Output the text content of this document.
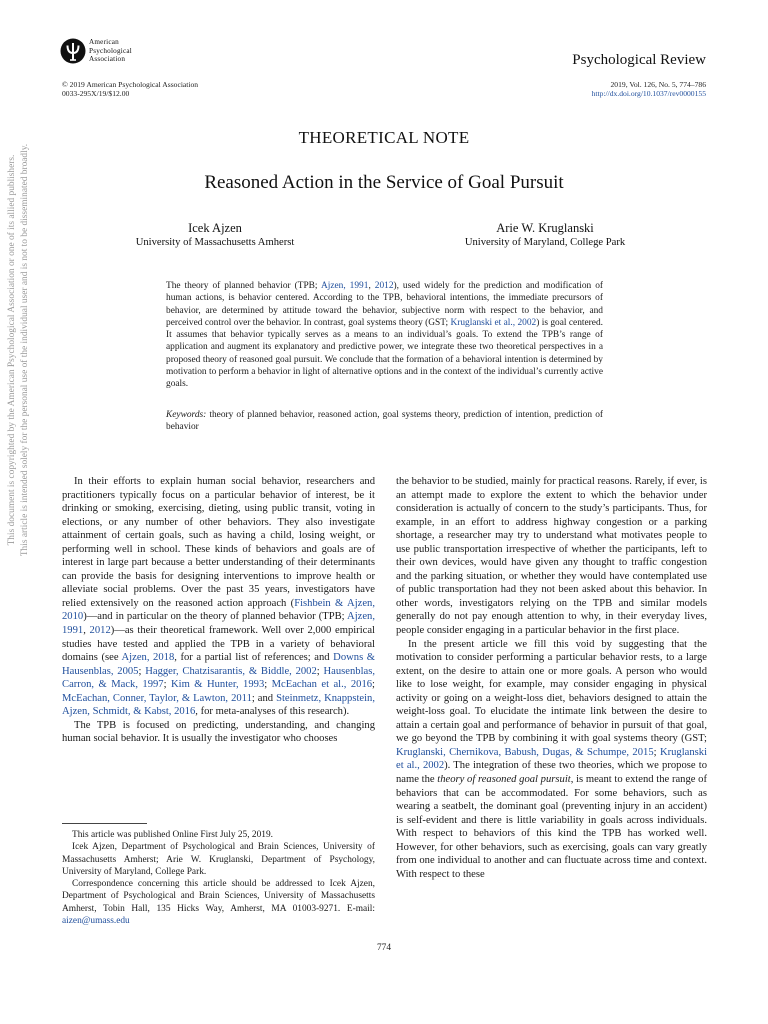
American
Psychological
Association	Psychological Review
© 2019 American Psychological Association
0033-295X/19/$12.00
2019, Vol. 126, No. 5, 774–786
http://dx.doi.org/10.1037/rev0000155
THEORETICAL NOTE
Reasoned Action in the Service of Goal Pursuit
Icek Ajzen
University of Massachusetts Amherst
Arie W. Kruglanski
University of Maryland, College Park
The theory of planned behavior (TPB; Ajzen, 1991, 2012), used widely for the prediction and modification of human actions, is behavior centered. According to the TPB, behavioral intentions, the immediate precursors of behavior, are determined by attitude toward the behavior, subjective norm with respect to the behavior, and perceived control over the behavior. In contrast, goal systems theory (GST; Kruglanski et al., 2002) is goal centered. It assumes that behavior typically serves as a means to an individual’s goals. To extend the TPB’s range of application and augment its explanatory and predictive power, we integrate these two theoretical perspectives in a proposed theory of reasoned goal pursuit. We conclude that the formation of a behavioral intention is determined by motivation to perform a behavior in light of alternative options and in the context of the individual’s currently active goals.
Keywords: theory of planned behavior, reasoned action, goal systems theory, prediction of intention, prediction of behavior

In their efforts to explain human social behavior, researchers and practitioners typically focus on a particular behavior of interest, be it drinking or smoking, exercising, dieting, using public transit, voting in elections, or any number of other behaviors. They also investigate attainment of certain goals, such as having a child, losing weight, or performing well in school. These kinds of behaviors and goals are of interest in large part because a better understanding of their determinants can provide the basis for designing interventions to improve health or alleviate social problems. Over the past 35 years, investigators have relied extensively on the reasoned action approach (Fishbein & Ajzen, 2010)—and in particular on the theory of planned behavior (TPB; Ajzen, 1991, 2012)—as their theoretical framework. Well over 2,000 empirical studies have tested and applied the TPB in a variety of behavioral domains (see Ajzen, 2018, for a partial list of references; and Downs & Hausenblas, 2005; Hagger, Chatzisarantis, & Biddle, 2002; Hausenblas, Carron, & Mack, 1997; Kim & Hunter, 1993; McEachan et al., 2016; McEachan, Conner, Taylor, & Lawton, 2011; and Steinmetz, Knappstein, Ajzen, Schmidt, & Kabst, 2016, for meta-analyses of this research).

The TPB is focused on predicting, understanding, and changing human social behavior. It is usually the investigator who chooses

the behavior to be studied, mainly for practical reasons. Rarely, if ever, is an attempt made to explore the extent to which the behavior under consideration is actually of concern to the study’s participants. Thus, for example, in an effort to address highway congestion or a parking shortage, a researcher may try to understand what motivates people to use public transportation irrespective of whether the participants, left to their own devices, would have given any thought to traffic congestion and the parking situation, or whether they would have contemplated use of public transportation had they not been asked about this behavior. In other words, investigators relying on the TPB and similar models generally do not pay enough attention to why, in their everyday lives, people consider engaging in a particular behavior in the first place.

In the present article we fill this void by suggesting that the motivation to consider performing a particular behavior rests, to a large extent, on the desire to attain one or more goals. A person who would like to lose weight, for example, may consider engaging in physical activity or going on a weight-loss diet, behaviors designed to attain the weight-loss goal. To elucidate the intimate link between the desire to attain a certain goal and performance of behavior in pursuit of that goal, we go beyond the TPB by combining it with goal systems theory (GST; Kruglanski, Chernikova, Babush, Dugas, & Schumpe, 2015; Kruglanski et al., 2002). The integration of these two theories, which we propose to name the theory of reasoned goal pursuit, is meant to extend the range of behaviors that can be accommodated. For some behaviors, such as wearing a seatbelt, the dominant goal (preventing injury in an accident) is self-evident and there is little variability in goals across individuals. With respect to behaviors of this kind the TPB has worked well. However, for other behaviors, such as exercising, goals can vary greatly from one individual to another and can fluctuate across time and context. With respect to these

This article was published Online First July 25, 2019.

Icek Ajzen, Department of Psychological and Brain Sciences, University of Massachusetts Amherst; Arie W. Kruglanski, Department of Psychology, University of Maryland, College Park.

Correspondence concerning this article should be addressed to Icek Ajzen, Department of Psychological and Brain Sciences, University of Massachusetts Amherst, Tobin Hall, 135 Hicks Way, Amherst, MA 01003-9271. E-mail: aizen@umass.edu

774
This document is copyrighted by the American Psychological Association or one of its allied publishers. This article is intended solely for the personal use of the individual user and is not to be disseminated broadly.
